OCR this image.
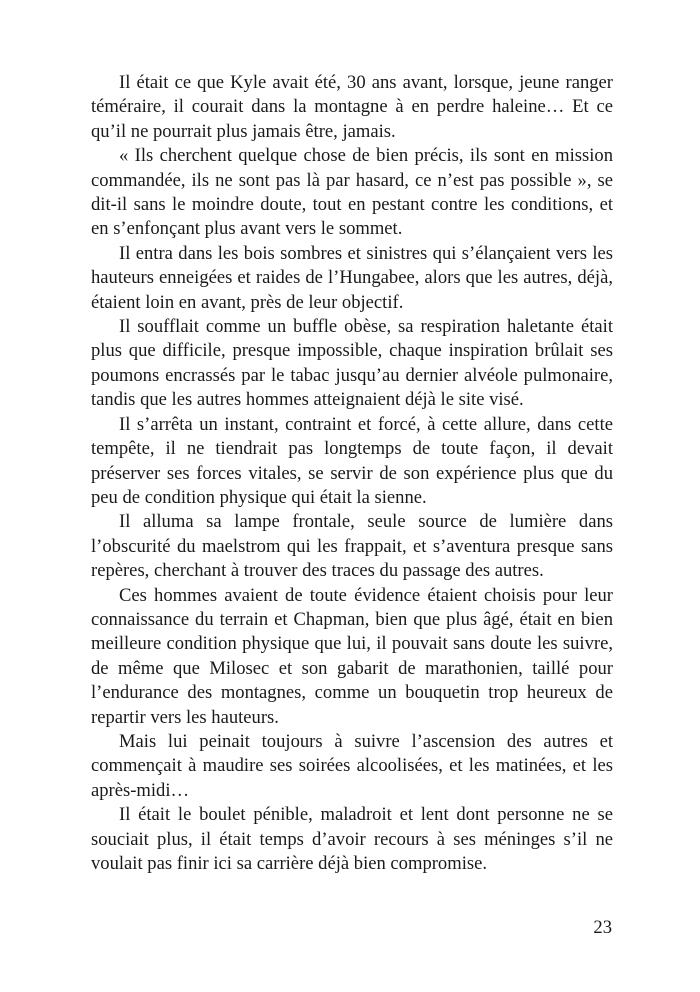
Il était ce que Kyle avait été, 30 ans avant, lorsque, jeune ranger téméraire, il courait dans la montagne à en perdre haleine… Et ce qu’il ne pourrait plus jamais être, jamais.

« Ils cherchent quelque chose de bien précis, ils sont en mission commandée, ils ne sont pas là par hasard, ce n’est pas possible », se dit-il sans le moindre doute, tout en pestant contre les conditions, et en s’enfonçant plus avant vers le sommet.

Il entra dans les bois sombres et sinistres qui s’élançaient vers les hauteurs enneigées et raides de l’Hungabee, alors que les autres, déjà, étaient loin en avant, près de leur objectif.

Il soufflait comme un buffle obèse, sa respiration haletante était plus que difficile, presque impossible, chaque inspiration brûlait ses poumons encrassés par le tabac jusqu’au dernier alvéole pulmonaire, tandis que les autres hommes atteignaient déjà le site visé.

Il s’arrêta un instant, contraint et forcé, à cette allure, dans cette tempête, il ne tiendrait pas longtemps de toute façon, il devait préserver ses forces vitales, se servir de son expérience plus que du peu de condition physique qui était la sienne.

Il alluma sa lampe frontale, seule source de lumière dans l’obscurité du maelstrom qui les frappait, et s’aventura presque sans repères, cherchant à trouver des traces du passage des autres.

Ces hommes avaient de toute évidence étaient choisis pour leur connaissance du terrain et Chapman, bien que plus âgé, était en bien meilleure condition physique que lui, il pouvait sans doute les suivre, de même que Milosec et son gabarit de marathonien, taillé pour l’endurance des montagnes, comme un bouquetin trop heureux de repartir vers les hauteurs.

Mais lui peinait toujours à suivre l’ascension des autres et commençait à maudire ses soirées alcoolisées, et les matinées, et les après-midi…

Il était le boulet pénible, maladroit et lent dont personne ne se souciait plus, il était temps d’avoir recours à ses méninges s’il ne voulait pas finir ici sa carrière déjà bien compromise.

23
